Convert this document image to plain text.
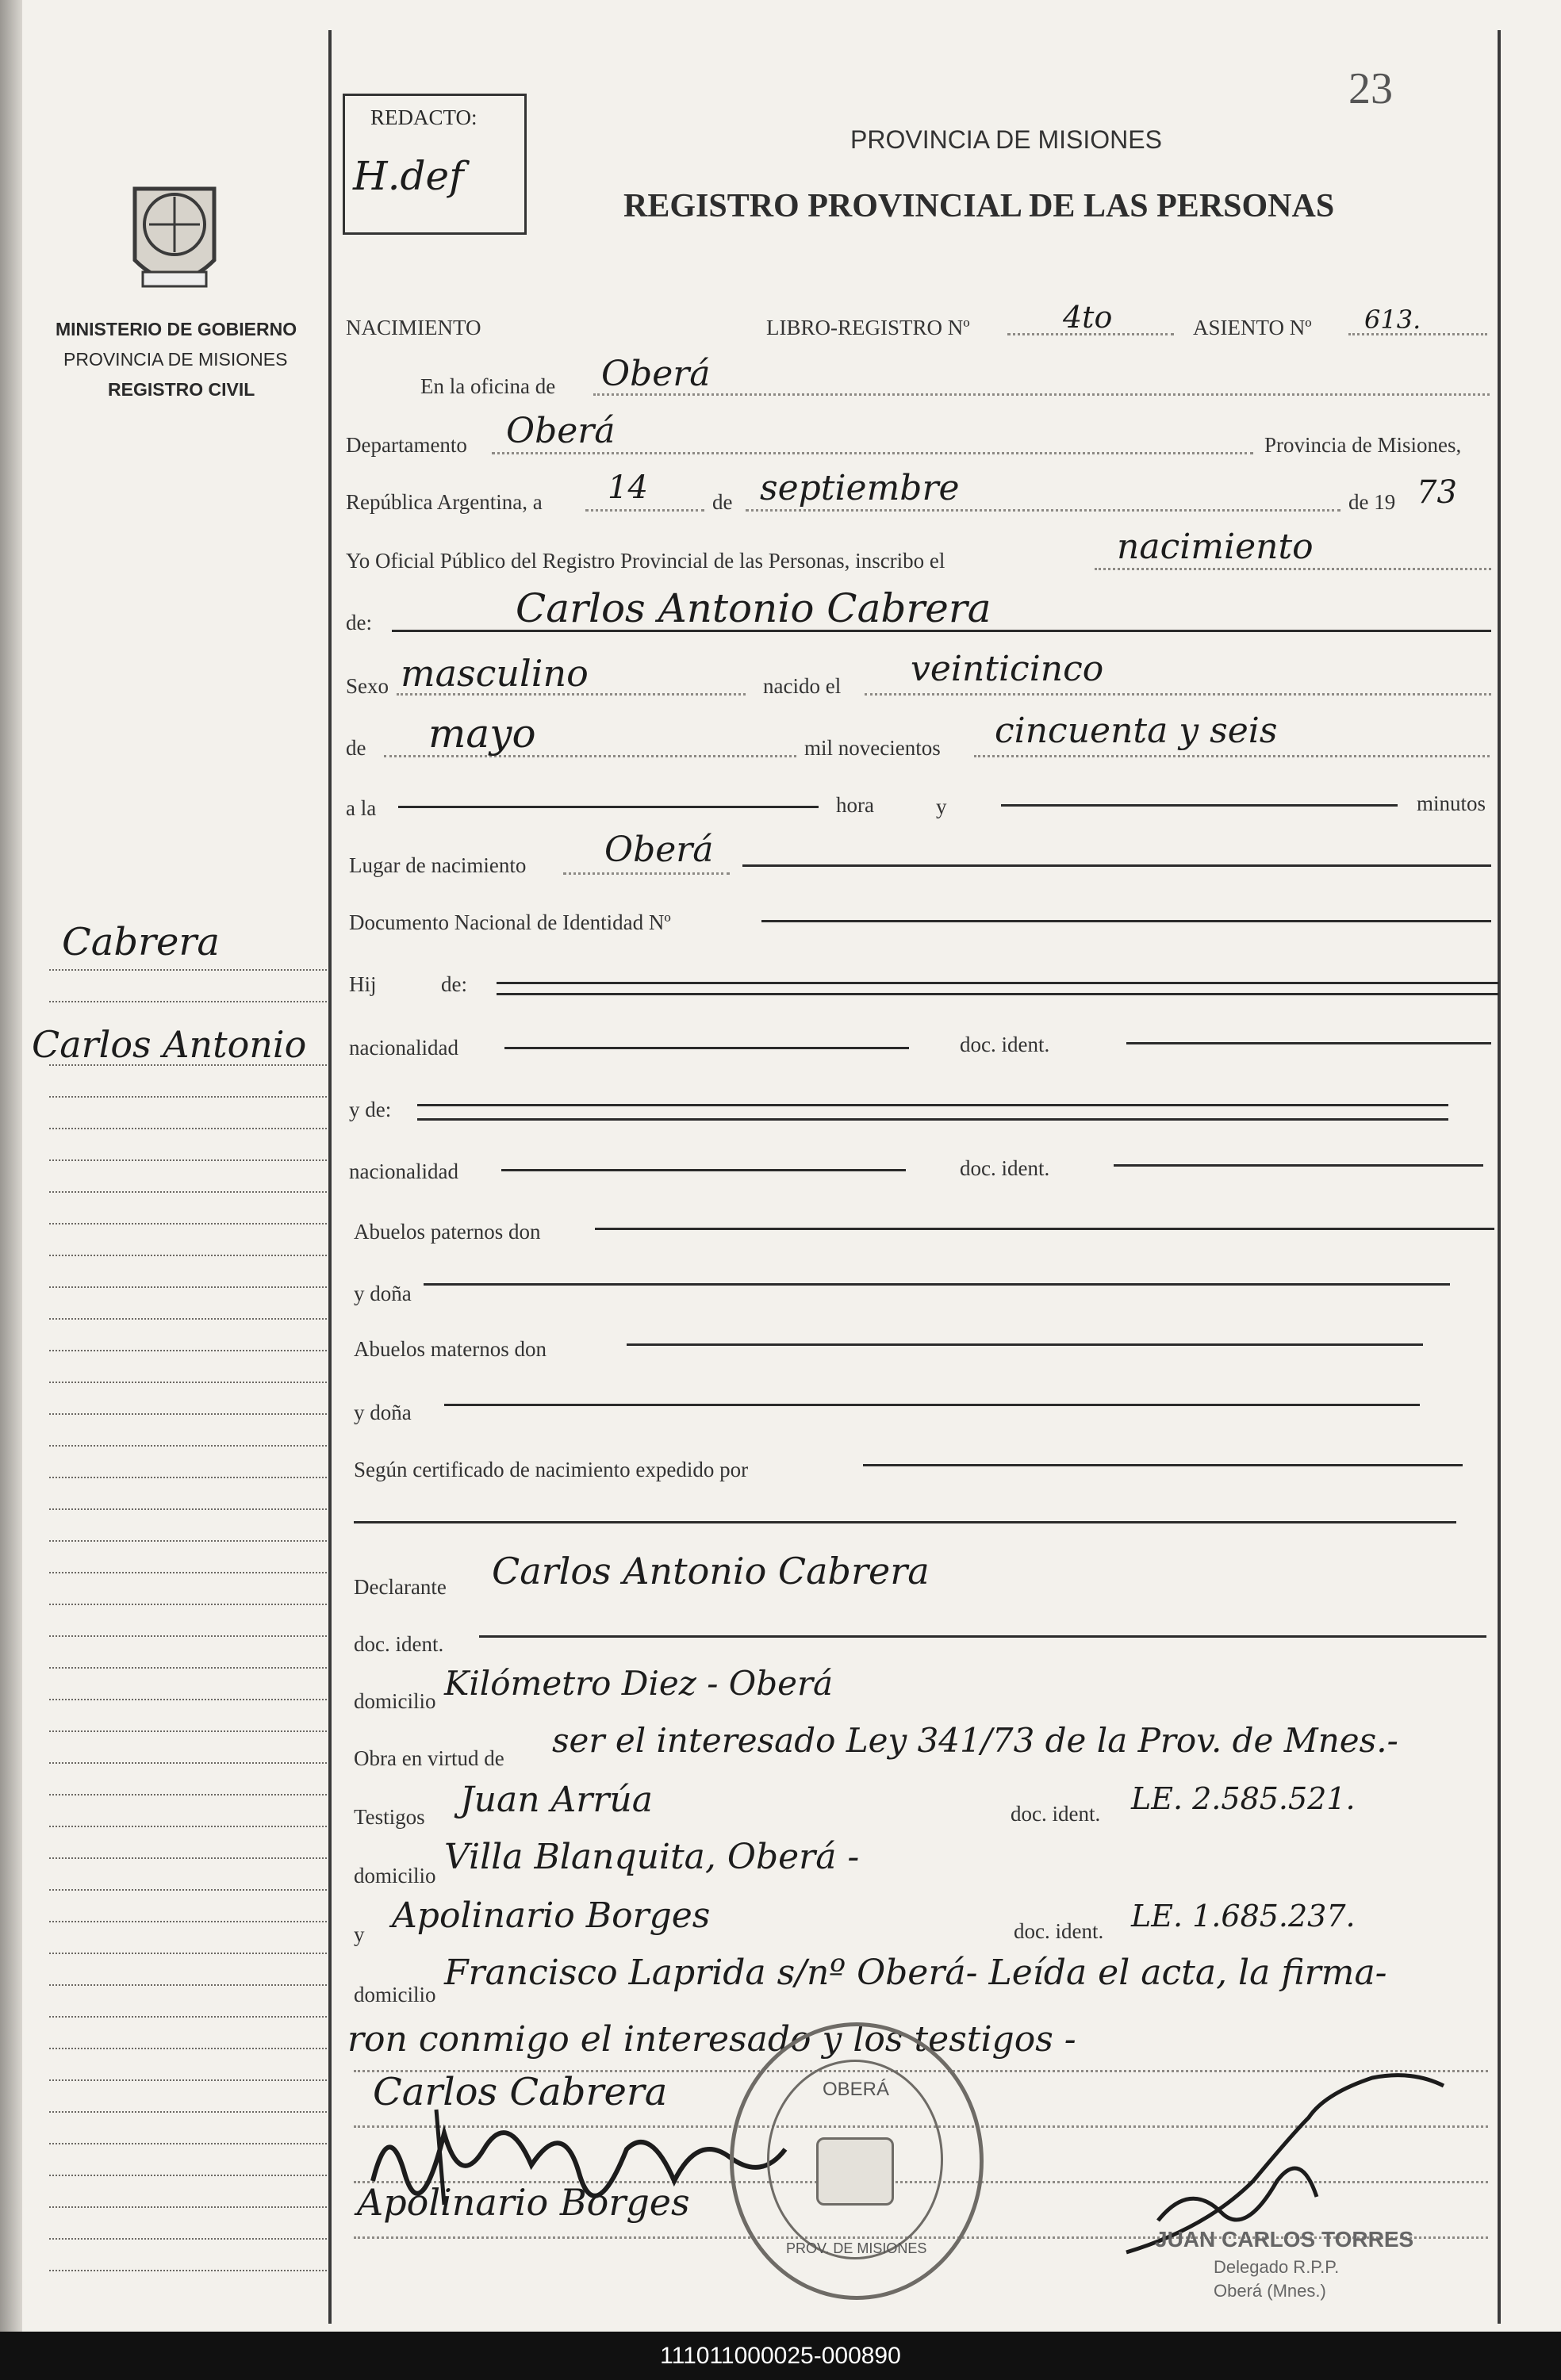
23
REDACTO:
H.def
PROVINCIA DE MISIONES
REGISTRO PROVINCIAL DE LAS PERSONAS
MINISTERIO DE GOBIERNO
PROVINCIA DE MISIONES
REGISTRO CIVIL
Cabrera
Carlos Antonio
NACIMIENTO	LIBRO-REGISTRO Nº	4to	ASIENTO Nº 613.
En la oficina de Oberá
Departamento Oberá	Provincia de Misiones,
República Argentina, a 14	de septiembre	de 19 73
Yo Oficial Público del Registro Provincial de las Personas, inscribo el	nacimiento
de:	Carlos Antonio Cabrera
Sexo masculino	nacido el veinticinco
de mayo	mil novecientos cincuenta y seis
a la	hora	y	minutos
Lugar de nacimiento Oberá
Documento Nacional de Identidad Nº
Hij	de:
nacionalidad	doc. ident.
y de:
nacionalidad	doc. ident.
Abuelos paternos don
y doña
Abuelos maternos don
y doña
Según certificado de nacimiento expedido por
Declarante Carlos Antonio Cabrera
doc. ident.
domicilio Kilómetro Diez - Oberá
Obra en virtud de ser el interesado Ley 341/73 de la Prov. de Mnes.-
Testigos Juan Arrúa	doc. ident. LE. 2.585.521.
domicilio Villa Blanquita, Oberá -
y Apolinario Borges	doc. ident. LE. 1.685.237.
domicilio
Francisco Laprida s/nº Oberá- Leída el acta, la firma-
ron conmigo el interesado y los testigos -
Carlos Cabrera
Apolinario Borges
OBERÁ
PROV. DE MISIONES	JUAN CARLOS TORRES
Delegado R.P.P.
Oberá (Mnes.)
111011000025-000890
